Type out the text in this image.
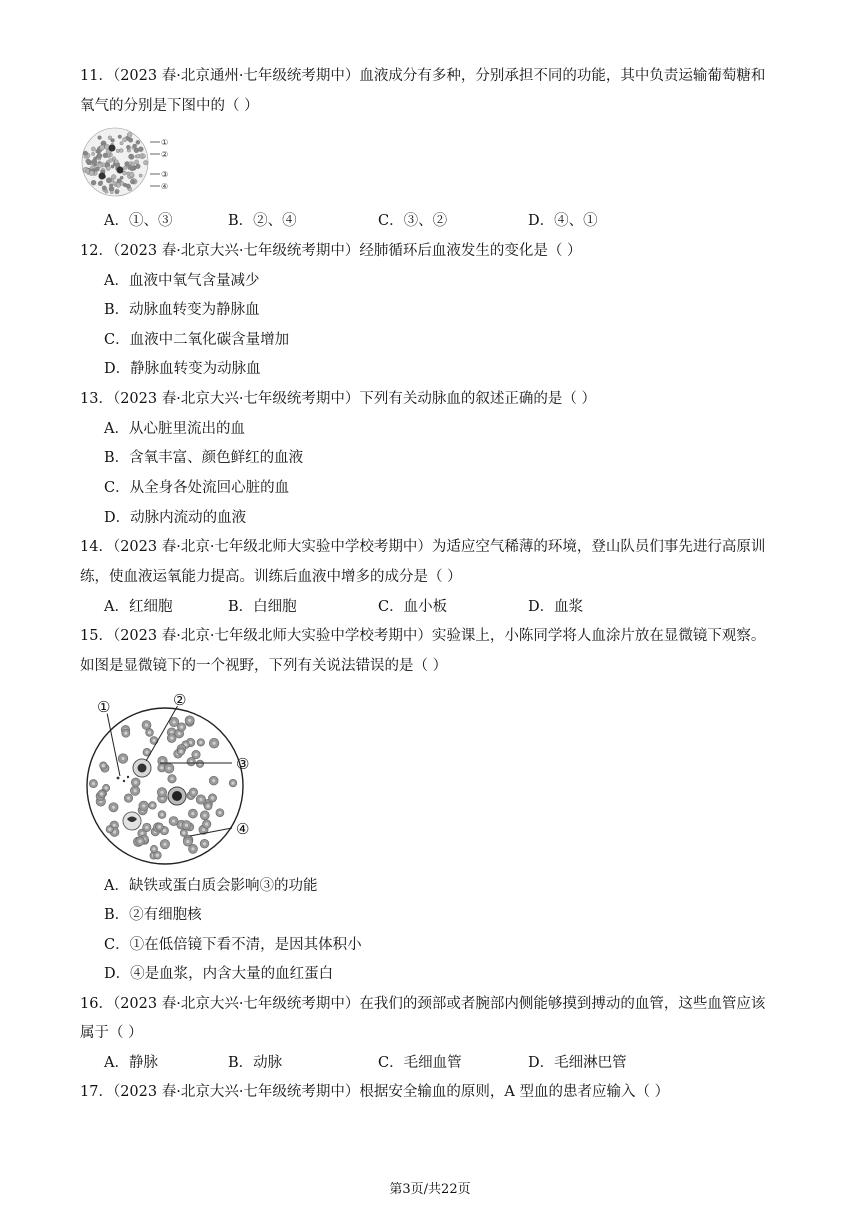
11．（2023 春·北京通州·七年级统考期中）血液成分有多种，分别承担不同的功能，其中负责运输葡萄糖和
氧气的分别是下图中的（ ）
①
②
③
④
A．①、③	B．②、④	C．③、②	D．④、①
12．（2023 春·北京大兴·七年级统考期中）经肺循环后血液发生的变化是（ ）
A．血液中氧气含量减少
B．动脉血转变为静脉血
C．血液中二氧化碳含量增加
D．静脉血转变为动脉血
13．（2023 春·北京大兴·七年级统考期中）下列有关动脉血的叙述正确的是（ ）
A．从心脏里流出的血
B．含氧丰富、颜色鲜红的血液
C．从全身各处流回心脏的血
D．动脉内流动的血液
14．（2023 春·北京·七年级北师大实验中学校考期中）为适应空气稀薄的环境，登山队员们事先进行高原训
练，使血液运氧能力提高。训练后血液中增多的成分是（ ）
A．红细胞	B．白细胞	C．血小板	D．血浆
15．（2023 春·北京·七年级北师大实验中学校考期中）实验课上，小陈同学将人血涂片放在显微镜下观察。
如图是显微镜下的一个视野，下列有关说法错误的是（ ）
①	②
③
④
A．缺铁或蛋白质会影响③的功能
B．②有细胞核
C．①在低倍镜下看不清，是因其体积小
D．④是血浆，内含大量的血红蛋白
16．（2023 春·北京大兴·七年级统考期中）在我们的颈部或者腕部内侧能够摸到搏动的血管，这些血管应该
属于（ ）
A．静脉	B．动脉	C．毛细血管	D．毛细淋巴管
17．（2023 春·北京大兴·七年级统考期中）根据安全输血的原则，A 型血的患者应输入（ ）
第3页/共22页
